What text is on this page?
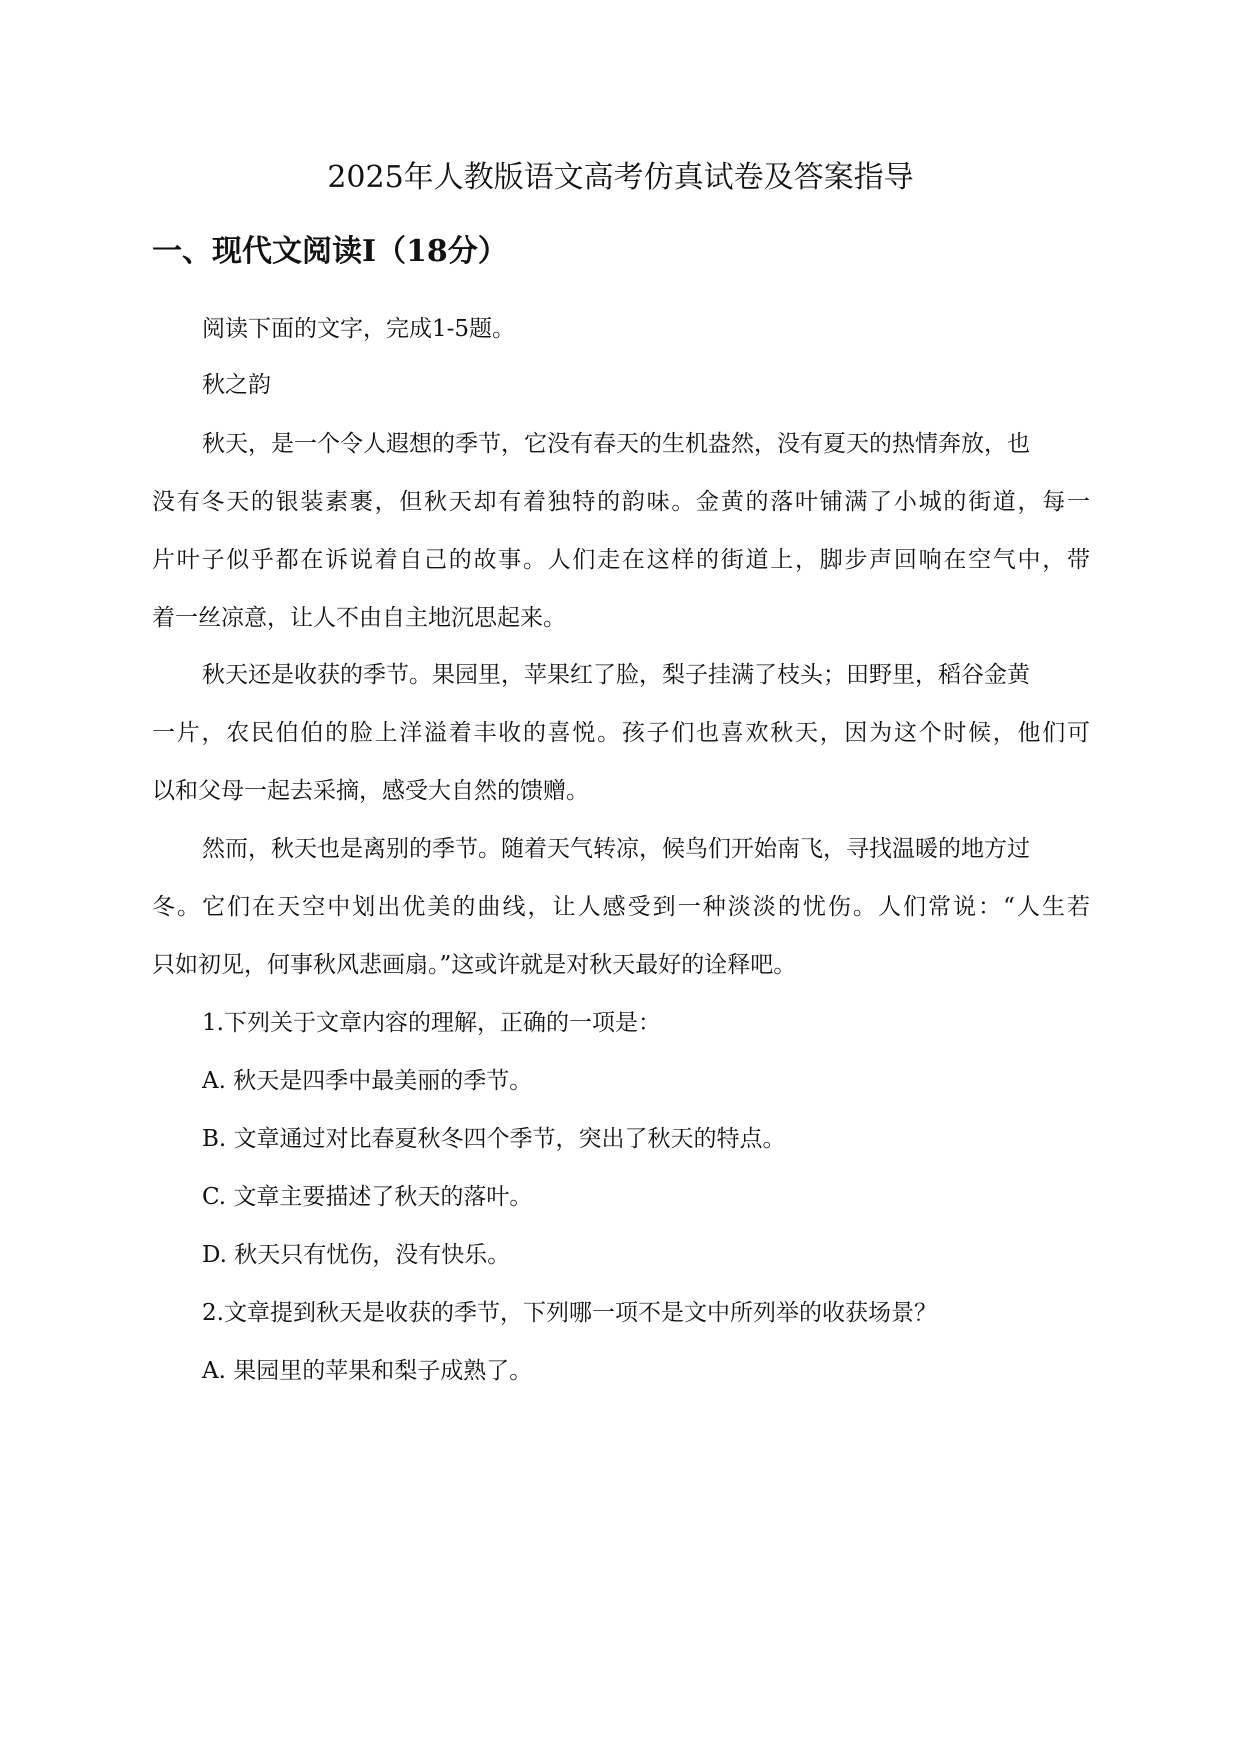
2025年人教版语文高考仿真试卷及答案指导
一、现代文阅读Ⅰ（18分）
阅读下面的文字，完成1-5题。
秋之韵
秋天，是一个令人遐想的季节，它没有春天的生机盎然，没有夏天的热情奔放，也
没有冬天的银装素裹，但秋天却有着独特的韵味。金黄的落叶铺满了小城的街道，每一
片叶子似乎都在诉说着自己的故事。人们走在这样的街道上，脚步声回响在空气中，带
着一丝凉意，让人不由自主地沉思起来。
秋天还是收获的季节。果园里，苹果红了脸，梨子挂满了枝头；田野里，稻谷金黄
一片，农民伯伯的脸上洋溢着丰收的喜悦。孩子们也喜欢秋天，因为这个时候，他们可
以和父母一起去采摘，感受大自然的馈赠。
然而，秋天也是离别的季节。随着天气转凉，候鸟们开始南飞，寻找温暖的地方过
冬。它们在天空中划出优美的曲线，让人感受到一种淡淡的忧伤。人们常说：“人生若
只如初见，何事秋风悲画扇。”这或许就是对秋天最好的诠释吧。
1.下列关于文章内容的理解，正确的一项是：
A. 秋天是四季中最美丽的季节。
B. 文章通过对比春夏秋冬四个季节，突出了秋天的特点。
C. 文章主要描述了秋天的落叶。
D. 秋天只有忧伤，没有快乐。
2.文章提到秋天是收获的季节，下列哪一项不是文中所列举的收获场景？
A. 果园里的苹果和梨子成熟了。
